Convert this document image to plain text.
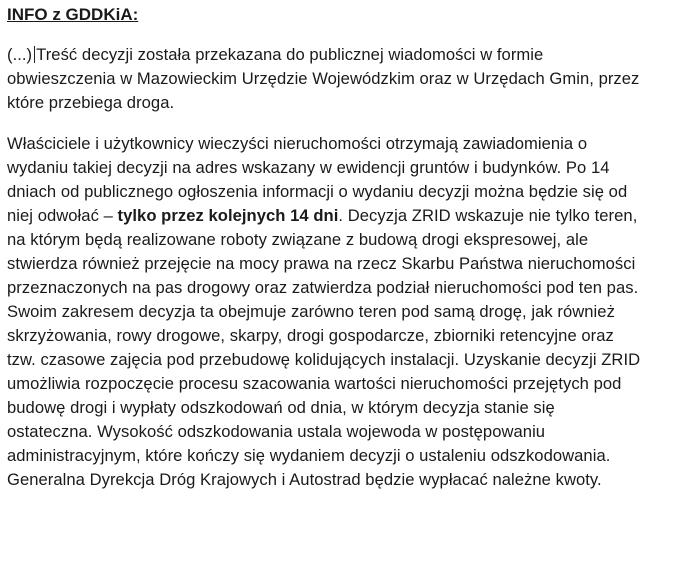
INFO z GDDKiA:
(...) Treść decyzji została przekazana do publicznej wiadomości w formie
obwieszczenia w Mazowieckim Urzędzie Wojewódzkim oraz w Urzędach Gmin, przez
które przebiega droga.
Właściciele i użytkownicy wieczyści nieruchomości otrzymają zawiadomienia o
wydaniu takiej decyzji na adres wskazany w ewidencji gruntów i budynków. Po 14
dniach od publicznego ogłoszenia informacji o wydaniu decyzji można będzie się od
niej odwołać – tylko przez kolejnych 14 dni. Decyzja ZRID wskazuje nie tylko teren,
na którym będą realizowane roboty związane z budową drogi ekspresowej, ale
stwierdza również przejęcie na mocy prawa na rzecz Skarbu Państwa nieruchomości
przeznaczonych na pas drogowy oraz zatwierdza podział nieruchomości pod ten pas.
Swoim zakresem decyzja ta obejmuje zarówno teren pod samą drogę, jak również
skrzyżowania, rowy drogowe, skarpy, drogi gospodarcze, zbiorniki retencyjne oraz
tzw. czasowe zajęcia pod przebudowę kolidujących instalacji. Uzyskanie decyzji ZRID
umożliwia rozpoczęcie procesu szacowania wartości nieruchomości przejętych pod
budowę drogi i wypłaty odszkodowań od dnia, w którym decyzja stanie się
ostateczna. Wysokość odszkodowania ustala wojewoda w postępowaniu
administracyjnym, które kończy się wydaniem decyzji o ustaleniu odszkodowania.
Generalna Dyrekcja Dróg Krajowych i Autostrad będzie wypłacać należne kwoty.
